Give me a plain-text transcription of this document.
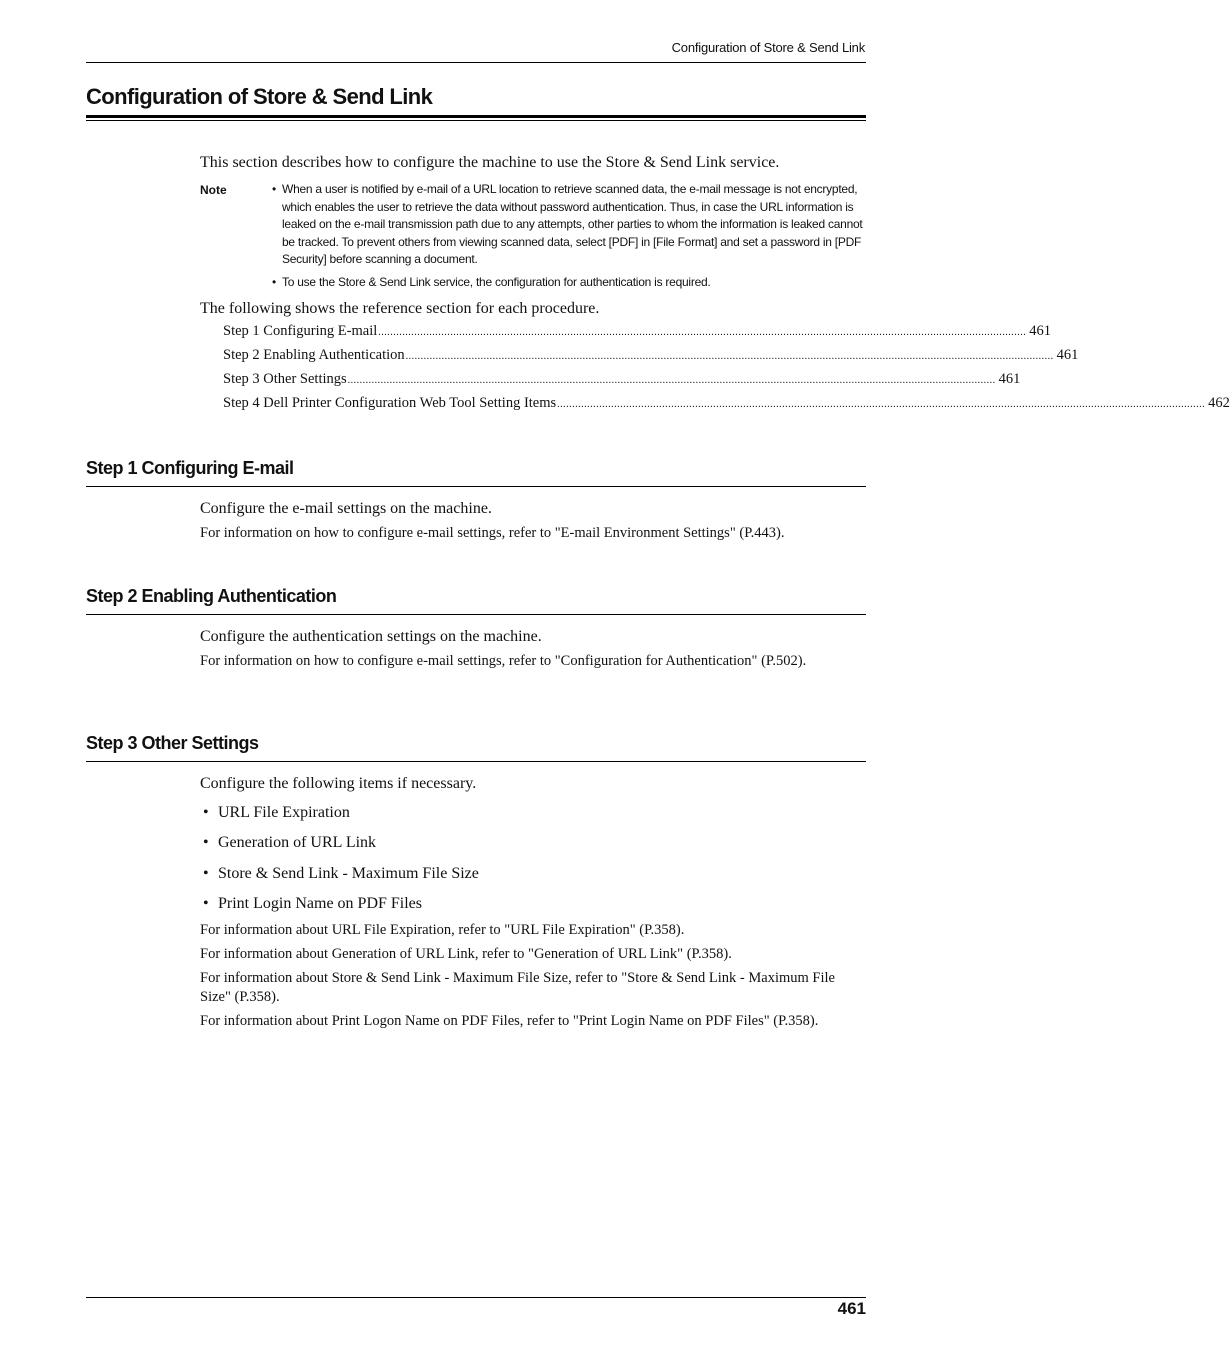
Configuration of Store & Send Link
Configuration of Store & Send Link
This section describes how to configure the machine to use the Store & Send Link service.
Note	• When a user is notified by e-mail of a URL location to retrieve scanned data, the e-mail message is not encrypted, which enables the user to retrieve the data without password authentication. Thus, in case the URL information is leaked on the e-mail transmission path due to any attempts, other parties to whom the information is leaked cannot be tracked. To prevent others from viewing scanned data, select [PDF] in [File Format] and set a password in [PDF Security] before scanning a document.
• To use the Store & Send Link service, the configuration for authentication is required.
The following shows the reference section for each procedure.
Step 1 Configuring E-mail ........................................................................................................................................................................................................................ 461
Step 2 Enabling Authentication ........................................................................................................................................................................................................................ 461
Step 3 Other Settings ........................................................................................................................................................................................................................ 461
Step 4 Dell Printer Configuration Web Tool Setting Items ........................................................................................................................................................................................................................ 462
Step 1 Configuring E-mail
Configure the e-mail settings on the machine.
For information on how to configure e-mail settings, refer to "E-mail Environment Settings" (P.443).
Step 2 Enabling Authentication
Configure the authentication settings on the machine.
For information on how to configure e-mail settings, refer to "Configuration for Authentication" (P.502).
Step 3 Other Settings
Configure the following items if necessary.
• URL File Expiration
• Generation of URL Link
• Store & Send Link - Maximum File Size
• Print Login Name on PDF Files
For information about URL File Expiration, refer to "URL File Expiration" (P.358).
For information about Generation of URL Link, refer to "Generation of URL Link" (P.358).
For information about Store & Send Link - Maximum File Size, refer to "Store & Send Link - Maximum File Size" (P.358).
For information about Print Logon Name on PDF Files, refer to "Print Login Name on PDF Files" (P.358).
461
